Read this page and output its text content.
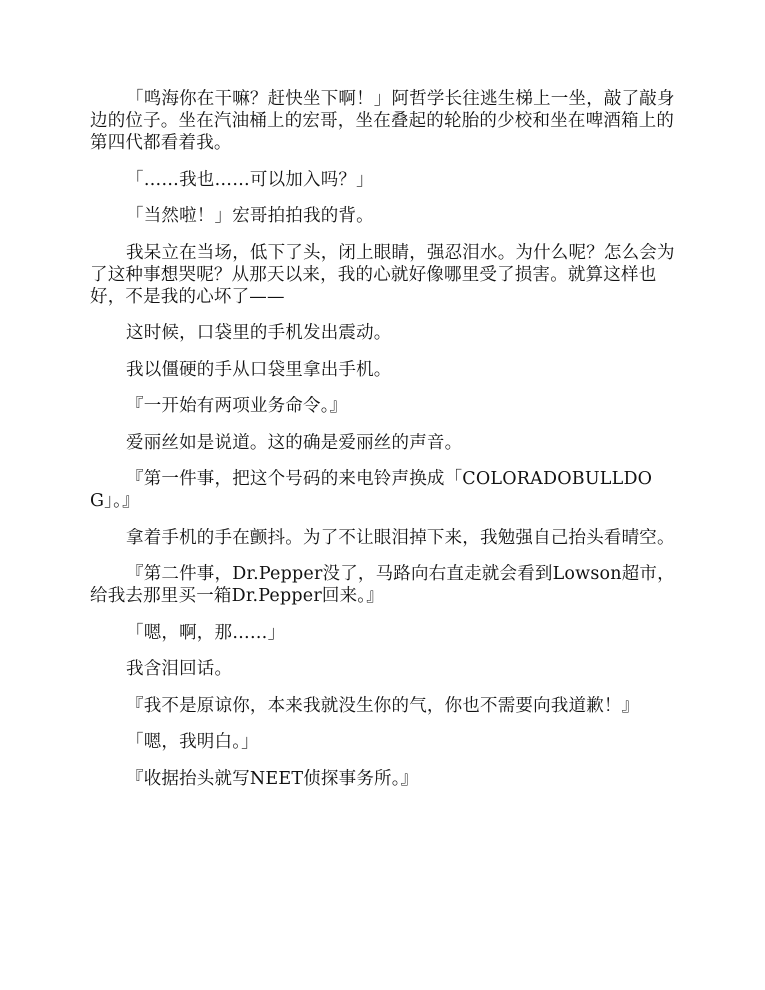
「鸣海你在干嘛？赶快坐下啊！」阿哲学长往逃生梯上一坐，敲了敲身边的位子。坐在汽油桶上的宏哥，坐在叠起的轮胎的少校和坐在啤酒箱上的第四代都看着我。

「……我也……可以加入吗？」

「当然啦！」宏哥拍拍我的背。

我呆立在当场，低下了头，闭上眼睛，强忍泪水。为什么呢？怎么会为了这种事想哭呢？从那天以来，我的心就好像哪里受了损害。就算这样也好，不是我的心坏了——

这时候，口袋里的手机发出震动。

我以僵硬的手从口袋里拿出手机。

『一开始有两项业务命令。』

爱丽丝如是说道。这的确是爱丽丝的声音。

『第一件事，把这个号码的来电铃声换成「COLORADOBULLDOG」。』

拿着手机的手在颤抖。为了不让眼泪掉下来，我勉强自己抬头看晴空。

『第二件事，Dr.Pepper没了，马路向右直走就会看到Lowson超市，给我去那里买一箱Dr.Pepper回来。』

「嗯，啊，那……」

我含泪回话。

『我不是原谅你，本来我就没生你的气，你也不需要向我道歉！』

「嗯，我明白。」

『收据抬头就写NEET侦探事务所。』
